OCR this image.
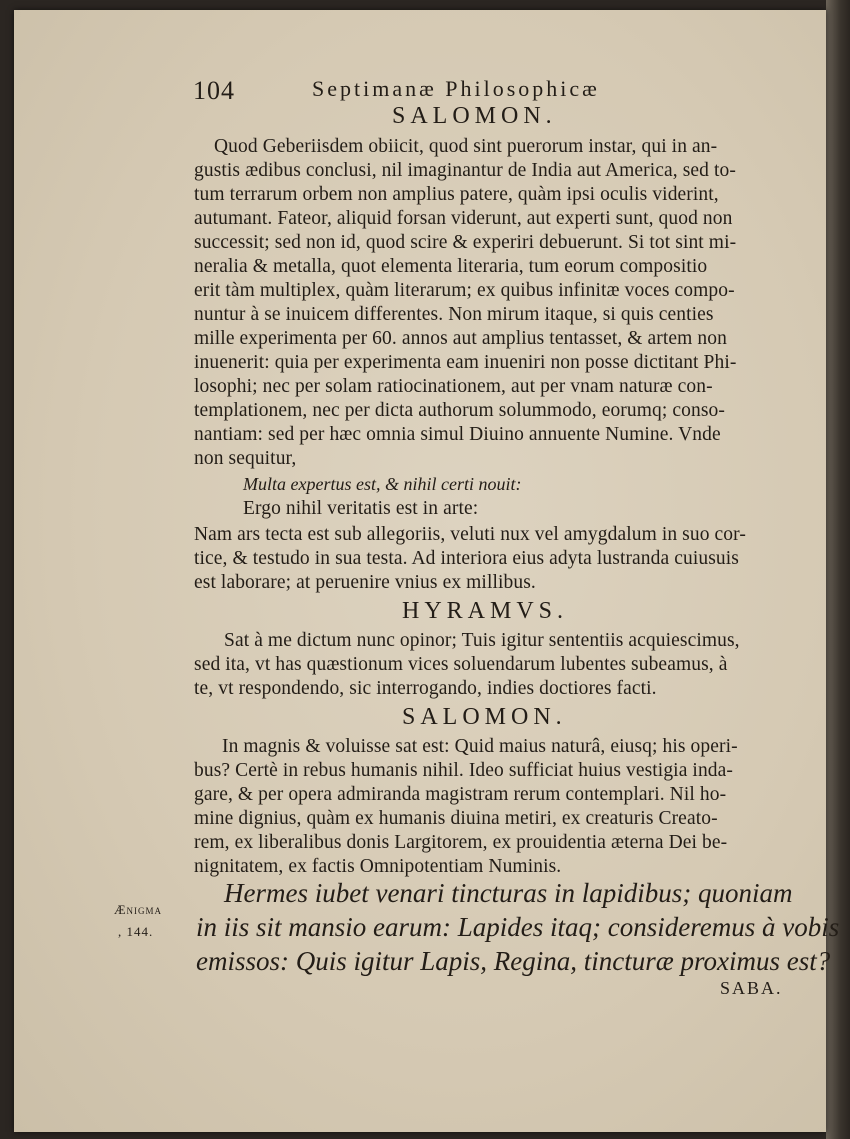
104	Septimanæ Philosophicæ
SALOMON.
Quod Geberiisdem obiicit, quod sint puerorum instar, qui in an-
gustis ædibus conclusi, nil imaginantur de India aut America, sed to-
tum terrarum orbem non amplius patere, quàm ipsi oculis viderint,
autumant. Fateor, aliquid forsan viderunt, aut experti sunt, quod non
successit; sed non id, quod scire & experiri debuerunt. Si tot sint mi-
neralia & metalla, quot elementa literaria, tum eorum compositio
erit tàm multiplex, quàm literarum; ex quibus infinitæ voces compo-
nuntur à se inuicem differentes. Non mirum itaque, si quis centies
mille experimenta per 60. annos aut amplius tentasset, & artem non
inuenerit: quia per experimenta eam inueniri non posse dictitant Phi-
losophi; nec per solam ratiocinationem, aut per vnam naturæ con-
templationem, nec per dicta authorum solummodo, eorumq; conso-
nantiam: sed per hæc omnia simul Diuino annuente Numine. Vnde
non sequitur,
Multa expertus est, & nihil certi nouit:
Ergo nihil veritatis est in arte:
Nam ars tecta est sub allegoriis, veluti nux vel amygdalum in suo cor-
tice, & testudo in sua testa. Ad interiora eius adyta lustranda cuiusuis
est laborare; at peruenire vnius ex millibus.
HYRAMVS.
Sat à me dictum nunc opinor; Tuis igitur sententiis acquiescimus,
sed ita, vt has quæstionum vices soluendarum lubentes subeamus, à
te, vt respondendo, sic interrogando, indies doctiores facti.
SALOMON.
In magnis & voluisse sat est: Quid maius naturâ, eiusq; his operi-
bus? Certè in rebus humanis nihil. Ideo sufficiat huius vestigia inda-
gare, & per opera admiranda magistram rerum contemplari. Nil ho-
mine dignius, quàm ex humanis diuina metiri, ex creaturis Creato-
rem, ex liberalibus donis Largitorem, ex prouidentia æterna Dei be-
nignitatem, ex factis Omnipotentiam Numinis.
Hermes iubet venari tincturas in lapidibus; quoniam
in iis sit mansio earum: Lapides itaq; consideremus à vobis
emissos: Quis igitur Lapis, Regina, tincturæ proximus est?
Ænigma
, 144.
SABA.
